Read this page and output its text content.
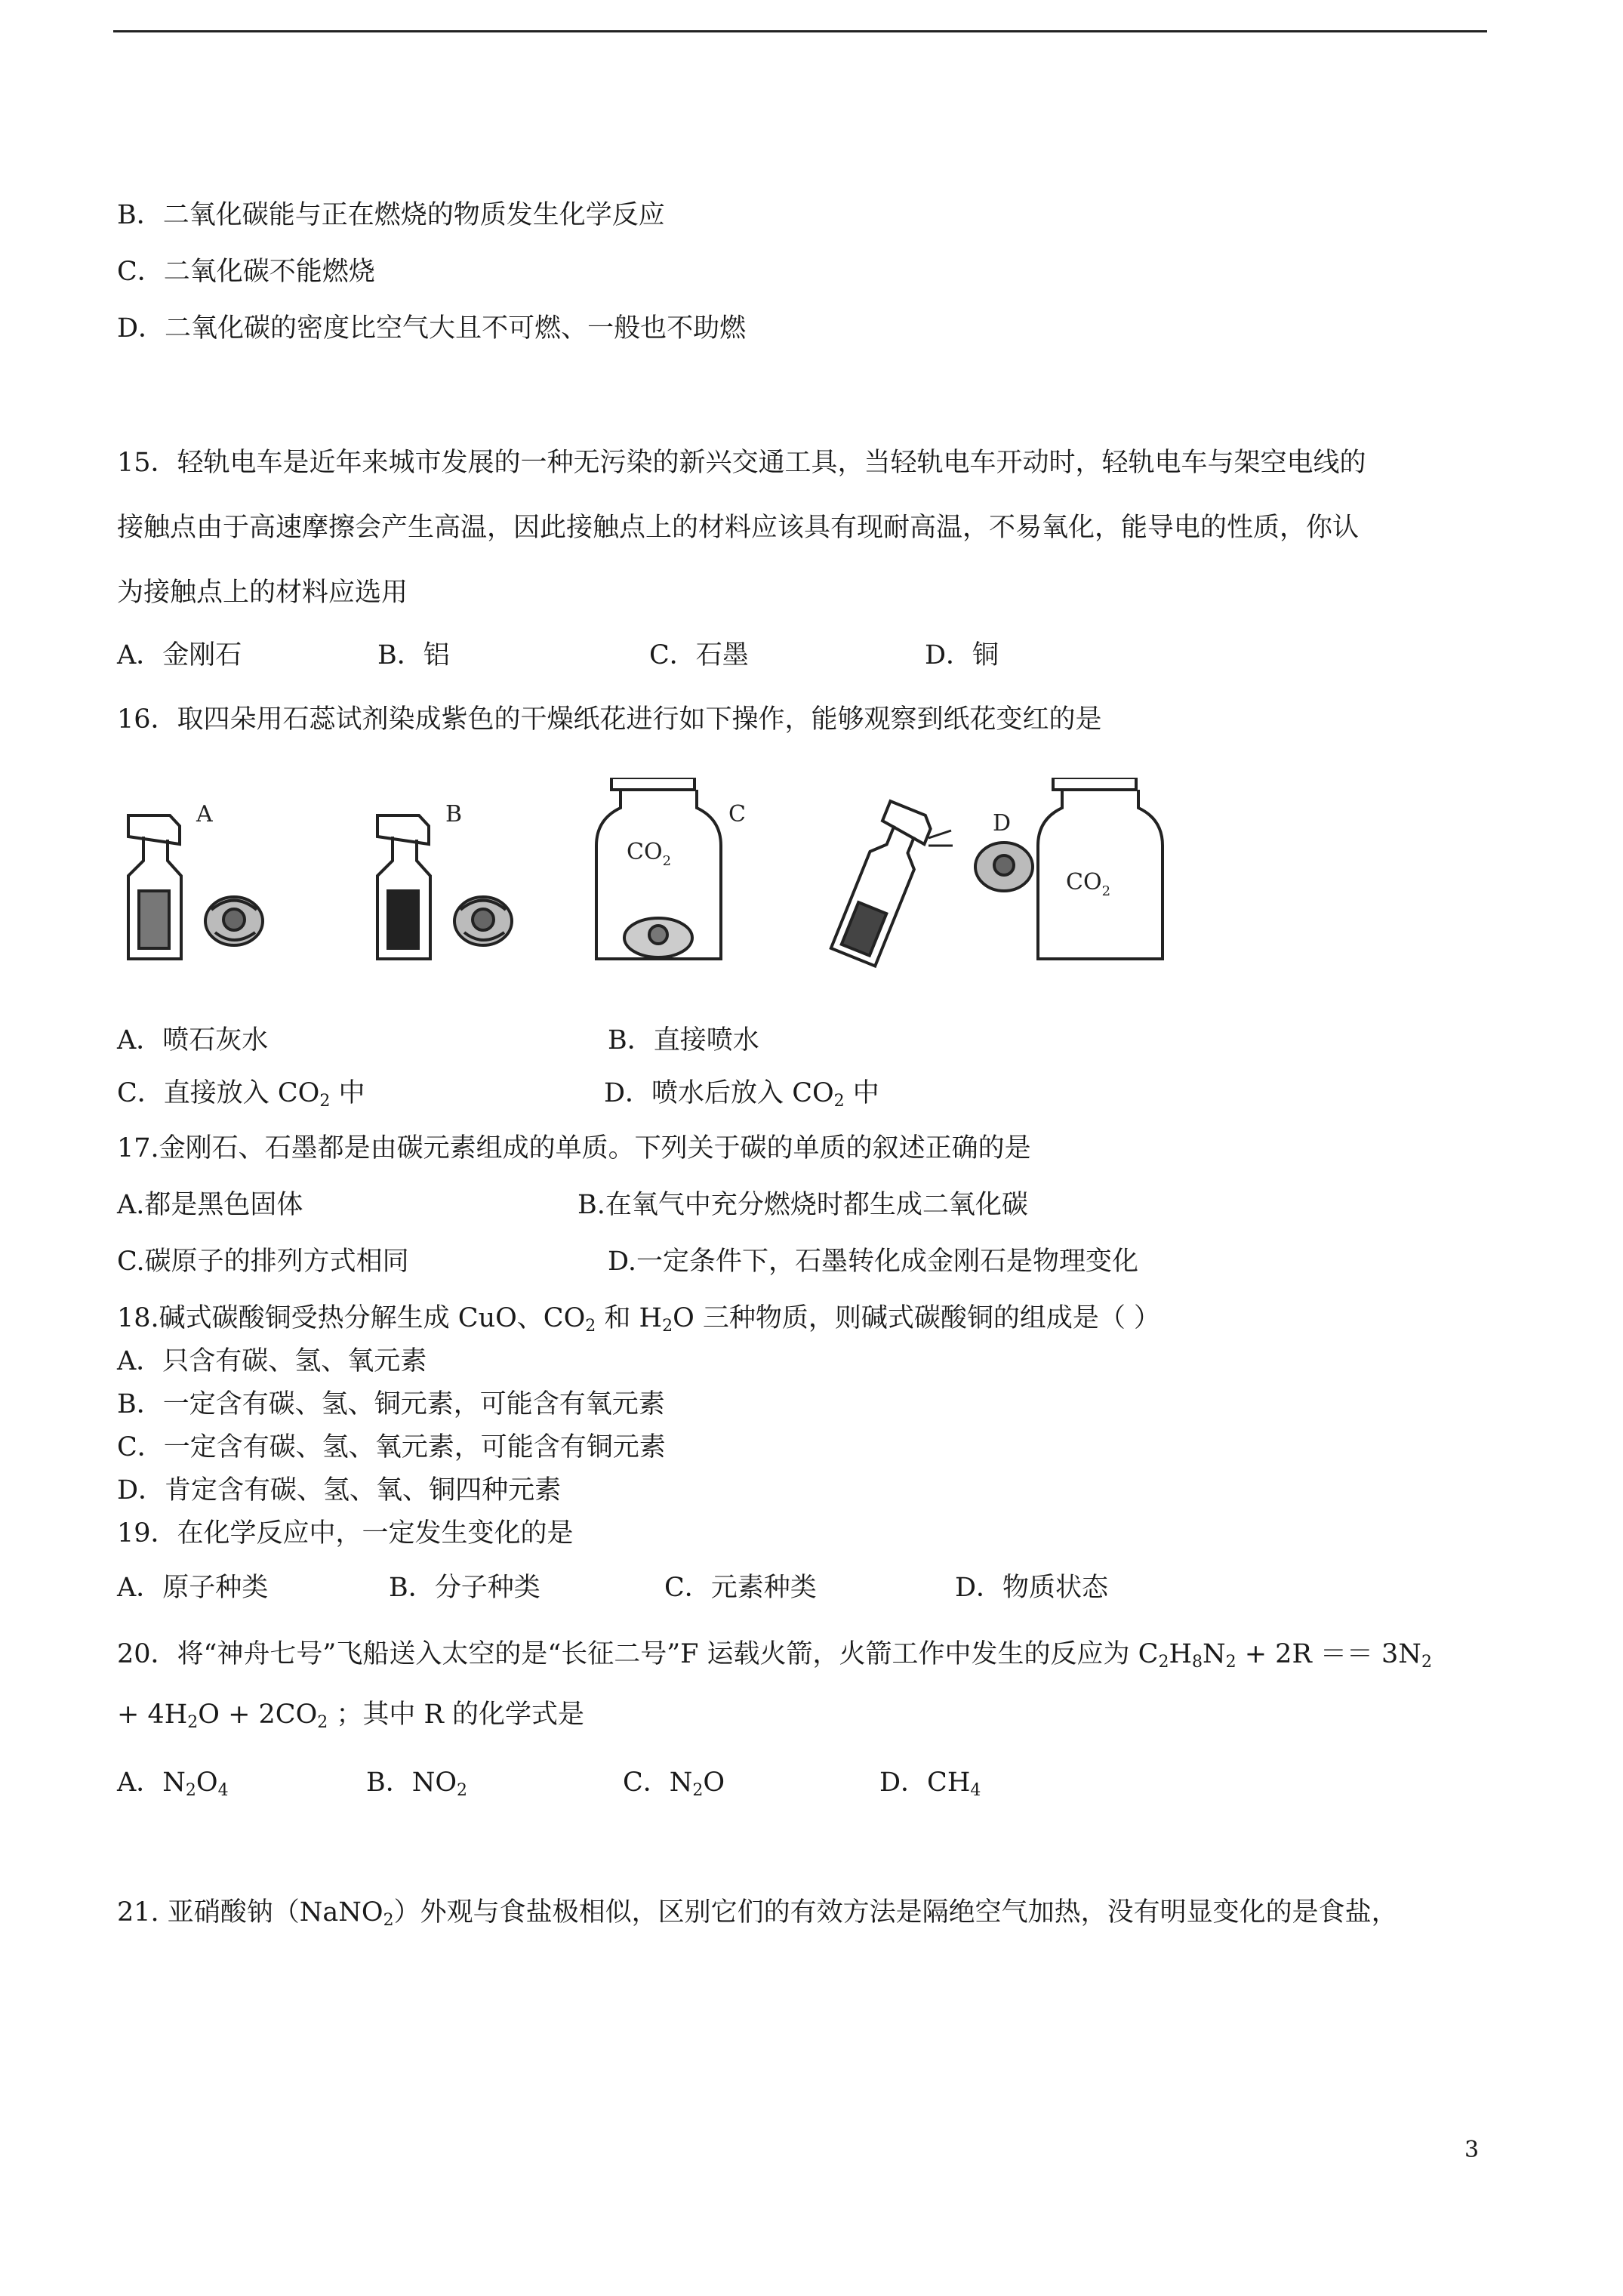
B．二氧化碳能与正在燃烧的物质发生化学反应
C．二氧化碳不能燃烧
D．二氧化碳的密度比空气大且不可燃、一般也不助燃
15．轻轨电车是近年来城市发展的一种无污染的新兴交通工具，当轻轨电车开动时，轻轨电车与架空电线的
接触点由于高速摩擦会产生高温，因此接触点上的材料应该具有现耐高温，不易氧化，能导电的性质，你认
为接触点上的材料应选用
A．金刚石	B．铝	C．石墨	D．铜
16．取四朵用石蕊试剂染成紫色的干燥纸花进行如下操作，能够观察到纸花变红的是
A	B	C	D
$CO_2$
$CO_2$
A．喷石灰水	B．直接喷水
C．直接放入 $CO_2$ 中	D．喷水后放入 $CO_2$ 中
17.金刚石、石墨都是由碳元素组成的单质。下列关于碳的单质的叙述正确的是
A.都是黑色固体	B.在氧气中充分燃烧时都生成二氧化碳
C.碳原子的排列方式相同	D.一定条件下，石墨转化成金刚石是物理变化
18.碱式碳酸铜受热分解生成 CuO、$CO_2$ 和 $H_2O$ 三种物质，则碱式碳酸铜的组成是（ ）
A．只含有碳、氢、氧元素
B．一定含有碳、氢、铜元素，可能含有氧元素
C．一定含有碳、氢、氧元素，可能含有铜元素
D．肯定含有碳、氢、氧、铜四种元素
19．在化学反应中，一定发生变化的是
A．原子种类	B．分子种类	C．元素种类	D．物质状态
20．将“神舟七号”飞船送入太空的是“长征二号”F 运载火箭，火箭工作中发生的反应为 $C_2H_8N_2 + 2R == 3N_2$
+ $4H_2O + 2CO_2$ ；其中 R 的化学式是
A．$N_2O_4$	B．$NO_2$	C．$N_2O$	D．$CH_4$
21. 亚硝酸钠（NaNO$_2$）外观与食盐极相似，区别它们的有效方法是隔绝空气加热，没有明显变化的是食盐，
3
